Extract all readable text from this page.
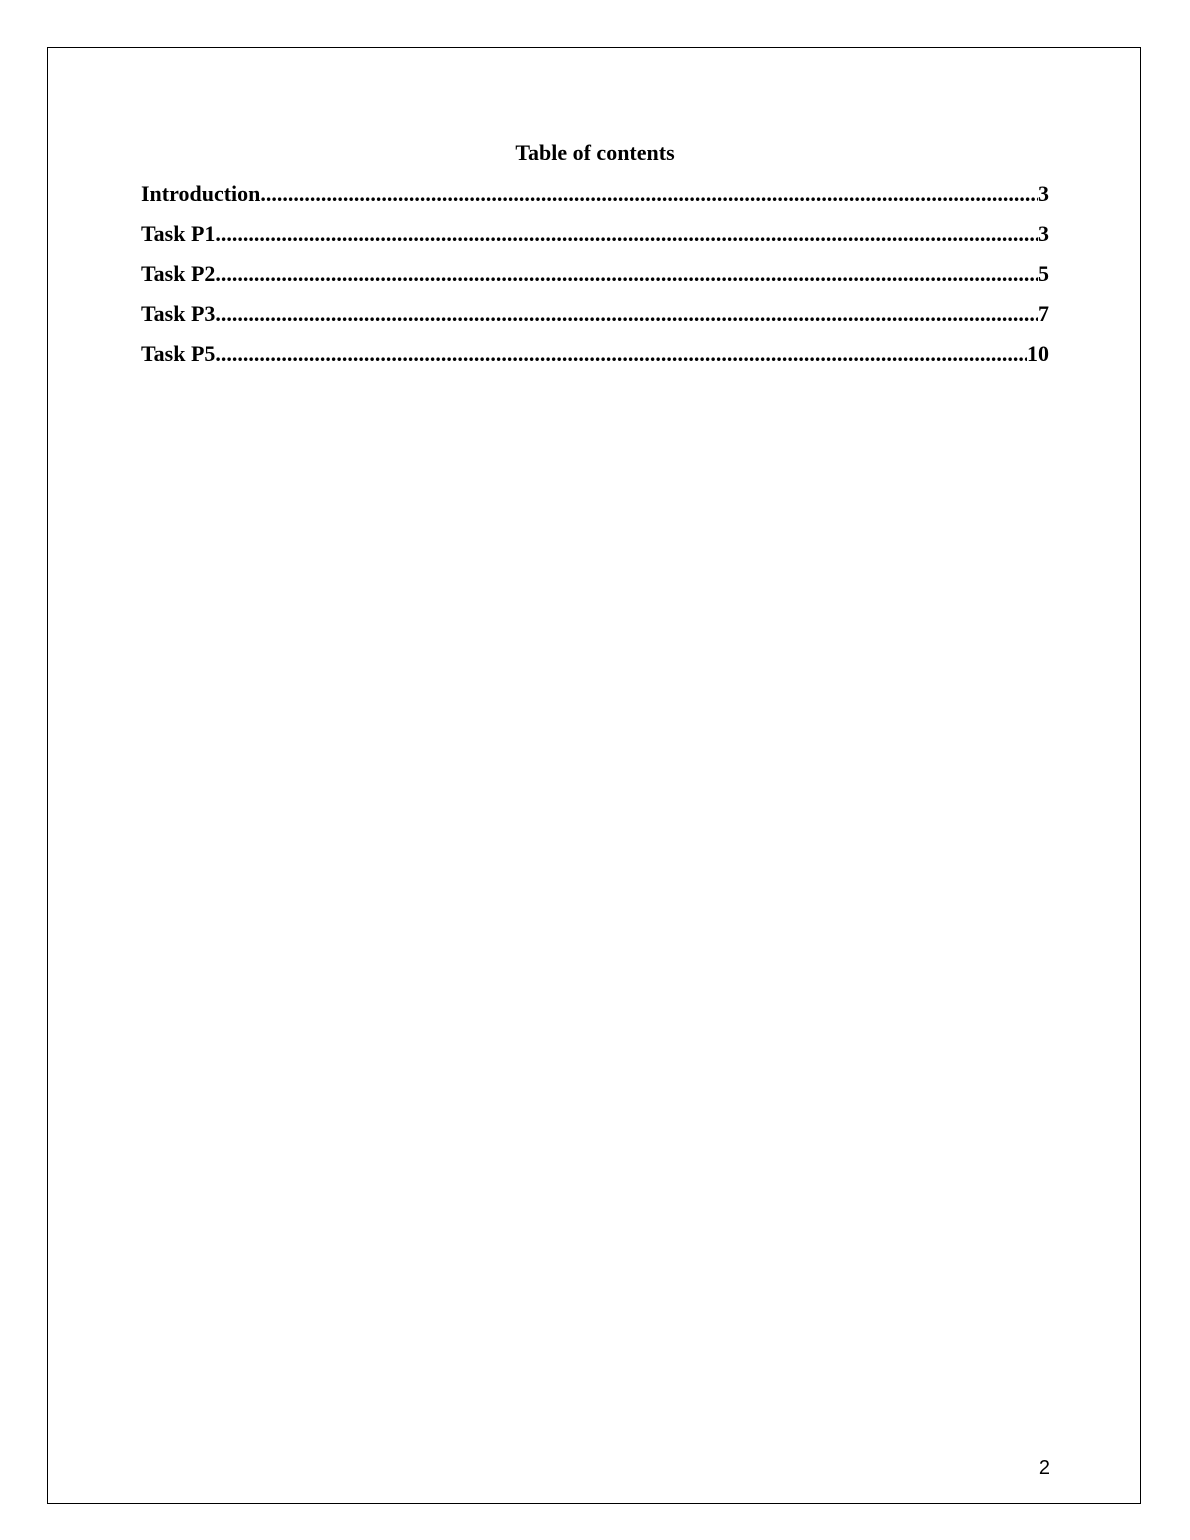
Table of contents
Introduction .....	3
Task P1 .....	3
Task P2 .....	5
Task P3 .....	7
Task P5 .....	10
2
